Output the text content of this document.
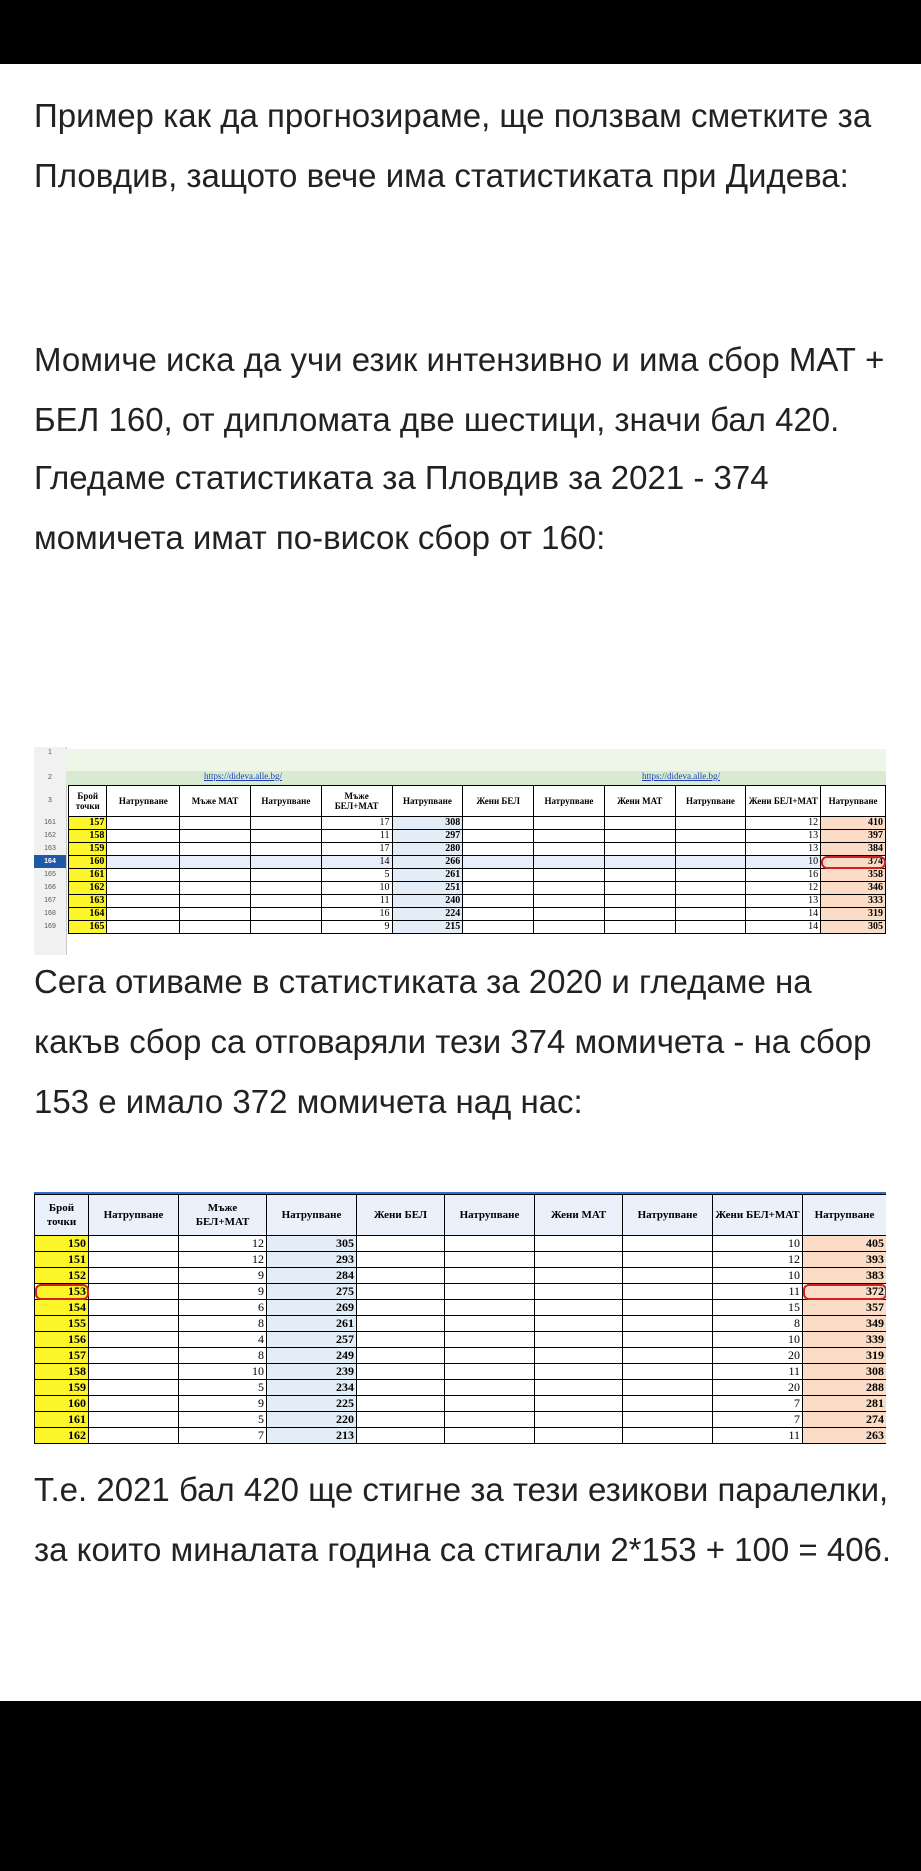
Пример как да прогнозираме, ще ползвам сметките за Пловдив, защото вече има статистиката при Дидева:

Момиче иска да учи език интензивно и има сбор МАТ + БЕЛ 160, от дипломата две шестици, значи бал 420.

Гледаме статистиката за Пловдив за 2021 - 374 момичета имат по-висок сбор от 160:

1
2
3
161
162
163
164
165
166
167
168
169
https://dideva.alle.bg/	https://dideva.alle.bg/
Брой точки	Натрупване	Мъже МАТ	Натрупване	Мъже БЕЛ+МАТ	Натрупване	Жени БЕЛ	Натрупване	Жени МАТ	Натрупване	Жени БЕЛ+МАТ	Натрупване
157				17	308					12	410
158				11	297					13	397
159				17	280					13	384
160				14	266					10	374
161				5	261					16	358
162				10	251					12	346
163				11	240					13	333
164				16	224					14	319
165				9	215					14	305

Сега отиваме в статистиката за 2020 и гледаме на какъв сбор са отговаряли тези 374 момичета - на сбор 153 е имало 372 момичета над нас:

Брой точки	Натрупване	Мъже БЕЛ+МАТ	Натрупване	Жени БЕЛ	Натрупване	Жени МАТ	Натрупване	Жени БЕЛ+МАТ	Натрупване
150		12	305					10	405
151		12	293					12	393
152		9	284					10	383
153		9	275					11	372
154		6	269					15	357
155		8	261					8	349
156		4	257					10	339
157		8	249					20	319
158		10	239					11	308
159		5	234					20	288
160		9	225					7	281
161		5	220					7	274
162		7	213					11	263

Т.е. 2021 бал 420 ще стигне за тези езикови паралелки, за които миналата година са стигали 2*153 + 100 = 406.
